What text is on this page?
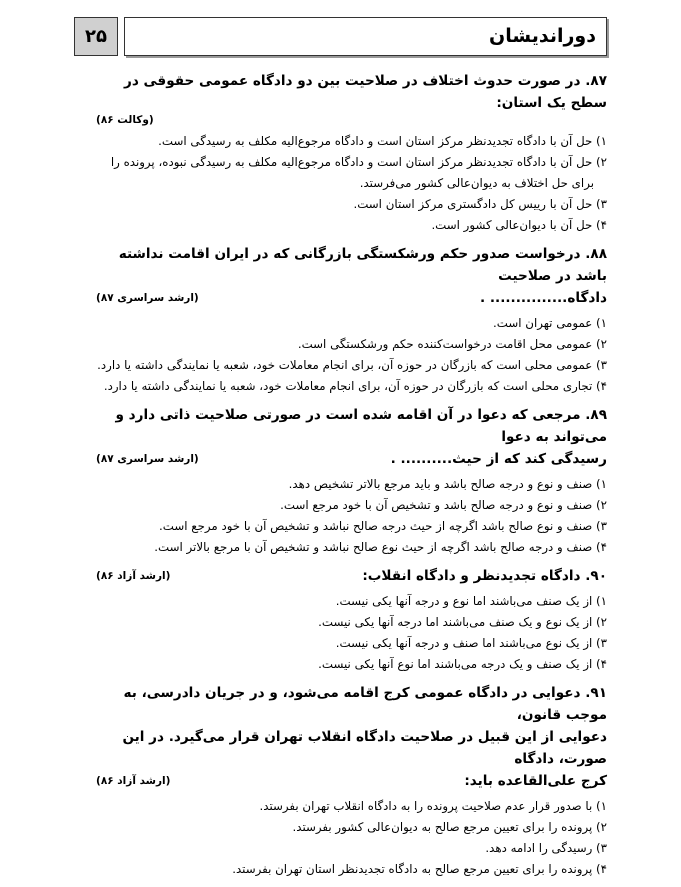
۲۵	دوراندیشان
۸۷. در صورت حدوث اختلاف در صلاحیت بین دو دادگاه عمومی حقوقی در سطح یک استان:
(وکالت ۸۶)
۱) حل آن با دادگاه تجدیدنظر مرکز استان است و دادگاه مرجوع‌الیه مکلف به رسیدگی است.
۲) حل آن با دادگاه تجدیدنظر مرکز استان است و دادگاه مرجوع‌الیه مکلف به رسیدگی نبوده، پرونده را
برای حل اختلاف به دیوان‌عالی کشور می‌فرستد.
۳) حل آن با رییس کل دادگستری مرکز استان است.
۴) حل آن با دیوان‌عالی کشور است.
۸۸. درخواست صدور حکم ورشکستگی بازرگانی که در ایران اقامت نداشته باشد در صلاحیت
دادگاه............... .
(ارشد سراسری ۸۷)
۱) عمومی تهران است.
۲) عمومی محل اقامت درخواست‌کننده حکم ورشکستگی است.
۳) عمومی محلی است که بازرگان در حوزه آن، برای انجام معاملات خود، شعبه یا نمایندگی داشته یا دارد.
۴) تجاری محلی است که بازرگان در حوزه آن، برای انجام معاملات خود، شعبه یا نمایندگی داشته یا دارد.
۸۹. مرجعی که دعوا در آن اقامه شده است در صورتی صلاحیت ذاتی دارد و می‌تواند به دعوا
رسیدگی کند که از حیث.......... .
(ارشد سراسری ۸۷)
۱) صنف و نوع و درجه صالح باشد و باید مرجع بالاتر تشخیص دهد.
۲) صنف و نوع و درجه صالح باشد و تشخیص آن با خود مرجع است.
۳) صنف و نوع صالح باشد اگرچه از حیث درجه صالح نباشد و تشخیص آن با خود مرجع است.
۴) صنف و درجه صالح باشد اگرچه از حیث نوع صالح نباشد و تشخیص آن با مرجع بالاتر است.
۹۰. دادگاه تجدیدنظر و دادگاه انقلاب:
(ارشد آزاد ۸۶)
۱) از یک صنف می‌باشند اما نوع و درجه آنها یکی نیست.
۲) از یک نوع و یک صنف می‌باشند اما درجه آنها یکی نیست.
۳) از یک نوع می‌باشند اما صنف و درجه آنها یکی نیست.
۴) از یک صنف و یک درجه می‌باشند اما نوع آنها یکی نیست.
۹۱. دعوایی در دادگاه عمومی کرج اقامه می‌شود، و در جریان دادرسی، به موجب قانون،
دعوایی از این قبیل در صلاحیت دادگاه انقلاب تهران قرار می‌گیرد. در این صورت، دادگاه
کرج علی‌القاعده باید:
(ارشد آزاد ۸۶)
۱) با صدور قرار عدم صلاحیت پرونده را به دادگاه انقلاب تهران بفرستد.
۲) پرونده را برای تعیین مرجع صالح به دیوان‌عالی کشور بفرستد.
۳) رسیدگی را ادامه دهد.
۴) پرونده را برای تعیین مرجع صالح به دادگاه تجدیدنظر استان تهران بفرستد.
